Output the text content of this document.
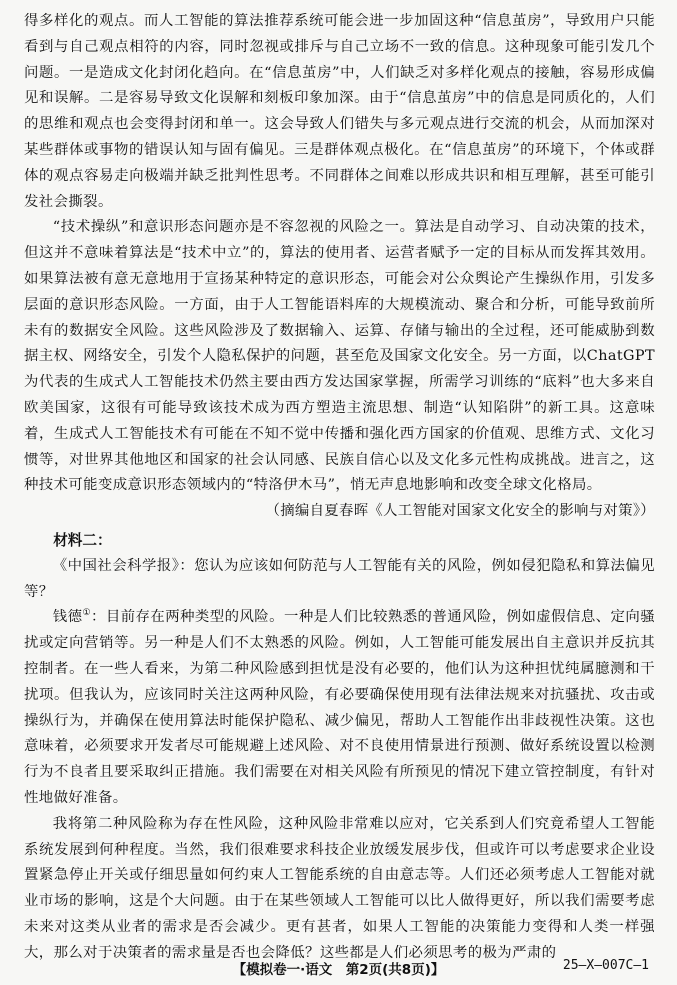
得多样化的观点。而人工智能的算法推荐系统可能会进一步加固这种“信息茧房”，导致用户只能看到与自己观点相符的内容，同时忽视或排斥与自己立场不一致的信息。这种现象可能引发几个问题。一是造成文化封闭化趋向。在“信息茧房”中，人们缺乏对多样化观点的接触，容易形成偏见和误解。二是容易导致文化误解和刻板印象加深。由于“信息茧房”中的信息是同质化的，人们的思维和观点也会变得封闭和单一。这会导致人们错失与多元观点进行交流的机会，从而加深对某些群体或事物的错误认知与固有偏见。三是群体观点极化。在“信息茧房”的环境下，个体或群体的观点容易走向极端并缺乏批判性思考。不同群体之间难以形成共识和相互理解，甚至可能引发社会撕裂。

“技术操纵”和意识形态问题亦是不容忽视的风险之一。算法是自动学习、自动决策的技术，但这并不意味着算法是“技术中立”的，算法的使用者、运营者赋予一定的目标从而发挥其效用。如果算法被有意无意地用于宣扬某种特定的意识形态，可能会对公众舆论产生操纵作用，引发多层面的意识形态风险。一方面，由于人工智能语料库的大规模流动、聚合和分析，可能导致前所未有的数据安全风险。这些风险涉及了数据输入、运算、存储与输出的全过程，还可能威胁到数据主权、网络安全，引发个人隐私保护的问题，甚至危及国家文化安全。另一方面，以ChatGPT为代表的生成式人工智能技术仍然主要由西方发达国家掌握，所需学习训练的“底料”也大多来自欧美国家，这很有可能导致该技术成为西方塑造主流思想、制造“认知陷阱”的新工具。这意味着，生成式人工智能技术有可能在不知不觉中传播和强化西方国家的价值观、思维方式、文化习惯等，对世界其他地区和国家的社会认同感、民族自信心以及文化多元性构成挑战。进言之，这种技术可能变成意识形态领域内的“特洛伊木马”，悄无声息地影响和改变全球文化格局。

（摘编自夏春晖《人工智能对国家文化安全的影响与对策》）

材料二：

《中国社会科学报》：您认为应该如何防范与人工智能有关的风险，例如侵犯隐私和算法偏见等？

钱德①：目前存在两种类型的风险。一种是人们比较熟悉的普通风险，例如虚假信息、定向骚扰或定向营销等。另一种是人们不太熟悉的风险。例如，人工智能可能发展出自主意识并反抗其控制者。在一些人看来，为第二种风险感到担忧是没有必要的，他们认为这种担忧纯属臆测和干扰项。但我认为，应该同时关注这两种风险，有必要确保使用现有法律法规来对抗骚扰、攻击或操纵行为，并确保在使用算法时能保护隐私、减少偏见，帮助人工智能作出非歧视性决策。这也意味着，必须要求开发者尽可能规避上述风险、对不良使用情景进行预测、做好系统设置以检测行为不良者且要采取纠正措施。我们需要在对相关风险有所预见的情况下建立管控制度，有针对性地做好准备。

我将第二种风险称为存在性风险，这种风险非常难以应对，它关系到人们究竟希望人工智能系统发展到何种程度。当然，我们很难要求科技企业放缓发展步伐，但或许可以考虑要求企业设置紧急停止开关或仔细思量如何约束人工智能系统的自由意志等。人们还必须考虑人工智能对就业市场的影响，这是个大问题。由于在某些领域人工智能可以比人做得更好，所以我们需要考虑未来对这类从业者的需求是否会减少。更有甚者，如果人工智能的决策能力变得和人类一样强大，那么对于决策者的需求量是否也会降低？这些都是人们必须思考的极为严肃的

【模拟卷一·语文　第2页(共8页)】	25—X—007C—1
